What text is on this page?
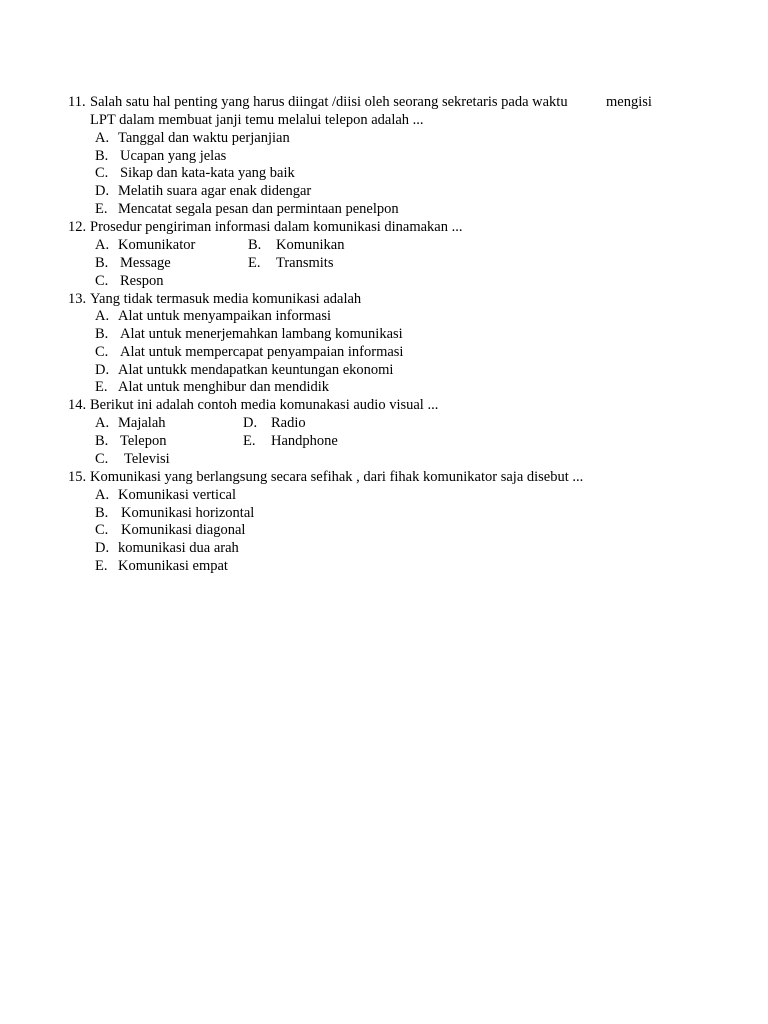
11. Salah satu hal penting yang harus diingat /diisi oleh seorang sekretaris pada waktu	mengisi
LPT dalam membuat janji temu melalui telepon adalah ...
A. Tanggal dan waktu perjanjian
B. Ucapan yang jelas
C. Sikap dan kata-kata yang baik
D. Melatih suara agar enak didengar
E. Mencatat segala pesan dan permintaan penelpon
12. Prosedur pengiriman informasi dalam komunikasi dinamakan ...
A. Komunikator	B. Komunikan
B. Message	E. Transmits
C. Respon
13. Yang tidak termasuk media komunikasi adalah
A. Alat untuk menyampaikan informasi
B. Alat untuk menerjemahkan lambang komunikasi
C. Alat untuk mempercapat penyampaian informasi
D. Alat untukk mendapatkan keuntungan ekonomi
E. Alat untuk menghibur dan mendidik
14. Berikut ini adalah contoh media komunakasi audio visual ...
A. Majalah	D. Radio
B. Telepon	E. Handphone
C. Televisi
15. Komunikasi yang berlangsung secara sefihak , dari fihak komunikator saja disebut ...
A. Komunikasi vertical
B. Komunikasi horizontal
C. Komunikasi diagonal
D. komunikasi dua arah
E. Komunikasi empat
